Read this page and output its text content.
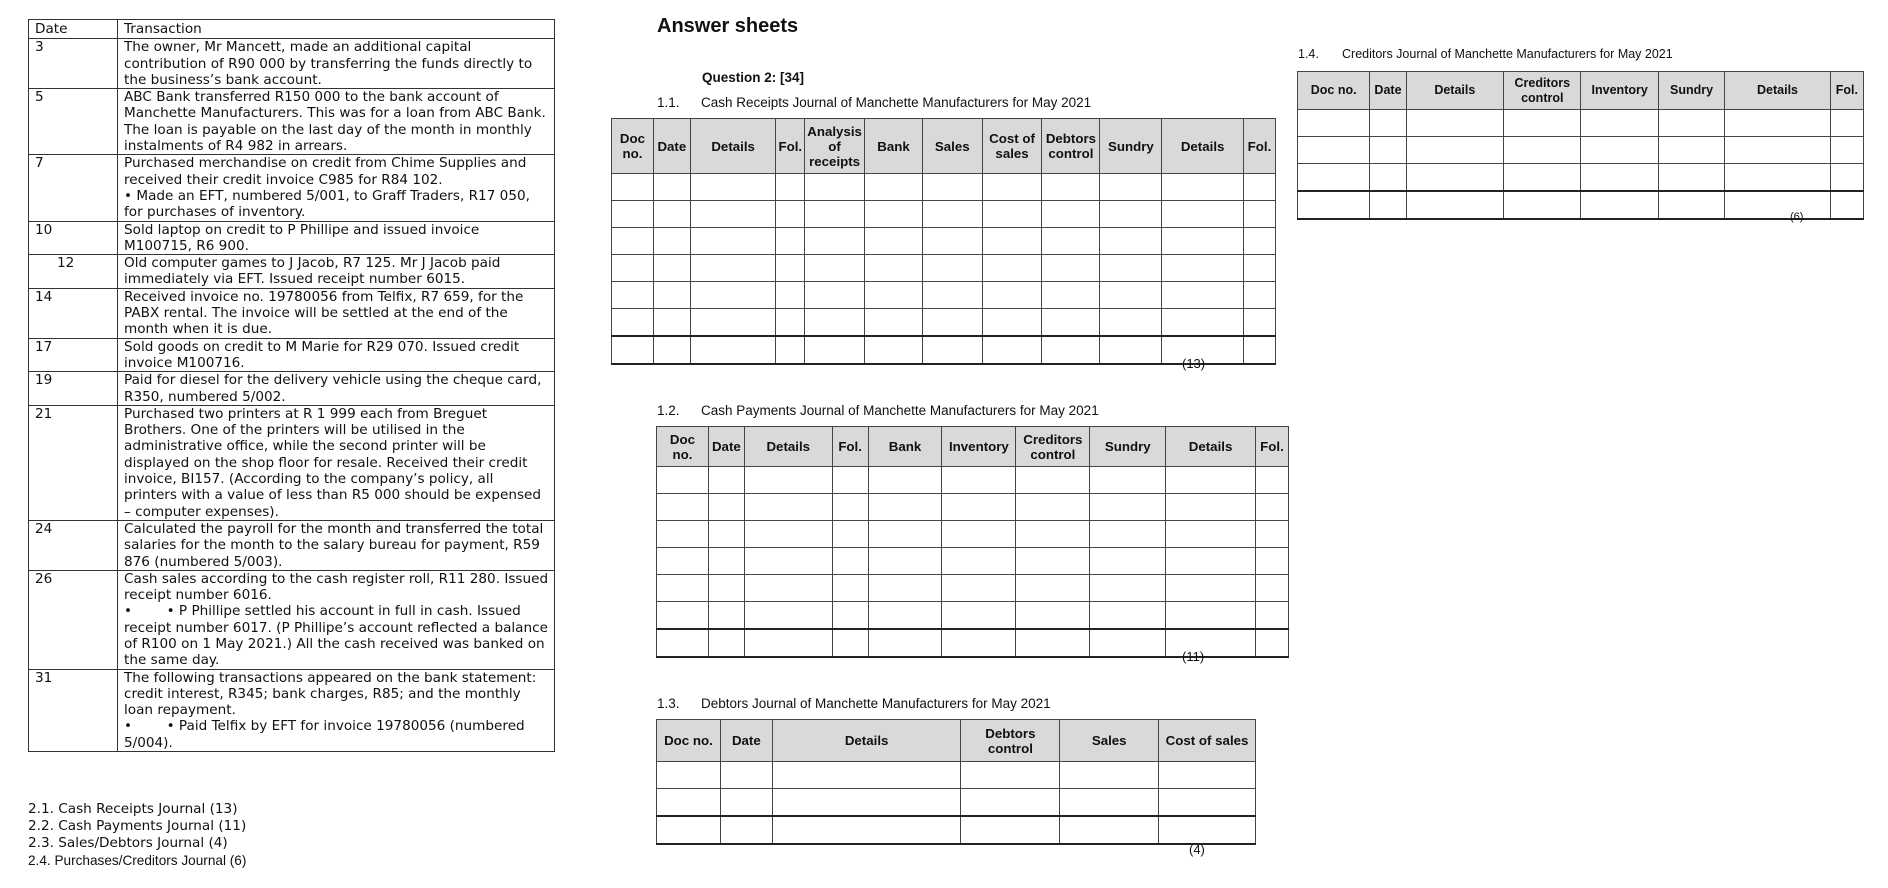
Date	Transaction
3	The owner, Mr Mancett, made an additional capital contribution of R90 000 by transferring the funds directly to the business’s bank account.

5	ABC Bank transferred R150 000 to the bank account of Manchette Manufacturers. This was for a loan from ABC Bank. The loan is payable on the last day of the month in monthly instalments of R4 982 in arrears.

7	Purchased merchandise on credit from Chime Supplies and received their credit invoice C985 for R84 102.
• Made an EFT, numbered 5/001, to Graff Traders, R17 050, for purchases of inventory.

10	Sold laptop on credit to P Phillipe and issued invoice M100715, R6 900.

12	Old computer games to J Jacob, R7 125. Mr J Jacob paid immediately via EFT. Issued receipt number 6015.

14	Received invoice no. 19780056 from Telfix, R7 659, for the PABX rental. The invoice will be settled at the end of the month when it is due.

17	Sold goods on credit to M Marie for R29 070. Issued credit invoice M100716.

19	Paid for diesel for the delivery vehicle using the cheque card, R350, numbered 5/002.

21	Purchased two printers at R 1 999 each from Breguet Brothers. One of the printers will be utilised in the administrative office, while the second printer will be displayed on the shop floor for resale. Received their credit invoice, BI157. (According to the company’s policy, all printers with a value of less than R5 000 should be expensed – computer expenses).

24	Calculated the payroll for the month and transferred the total salaries for the month to the salary bureau for payment, R59 876 (numbered 5/003).

26	Cash sales according to the cash register roll, R11 280. Issued receipt number 6016.
•        • P Phillipe settled his account in full in cash. Issued receipt number 6017. (P Phillipe’s account reflected a balance of R100 on 1 May 2021.) All the cash received was banked on the same day.

31	The following transactions appeared on the bank statement: credit interest, R345; bank charges, R85; and the monthly loan repayment.
•        • Paid Telfix by EFT for invoice 19780056 (numbered 5/004).
2.1. Cash Receipts Journal (13)
2.2. Cash Payments Journal (11)
2.3. Sales/Debtors Journal (4)
2.4. Purchases/Creditors Journal (6)
Answer sheets
Question 2: [34]
1.1. Cash Receipts Journal of Manchette Manufacturers for May 2021
Doc no.	Date	Details	Fol.	Analysis of receipts	Bank	Sales	Cost of sales	Debtors control	Sundry	Details	Fol.

(13)
1.2. Cash Payments Journal of Manchette Manufacturers for May 2021
Doc no.	Date	Details	Fol.	Bank	Inventory	Creditors control	Sundry	Details	Fol.

(11)
1.3. Debtors Journal of Manchette Manufacturers for May 2021
Doc no.	Date	Details	Debtors control	Sales	Cost of sales

(4)
1.4. Creditors Journal of Manchette Manufacturers for May 2021
Doc no.	Date	Details	Creditors control	Inventory	Sundry	Details	Fol.

(6)
